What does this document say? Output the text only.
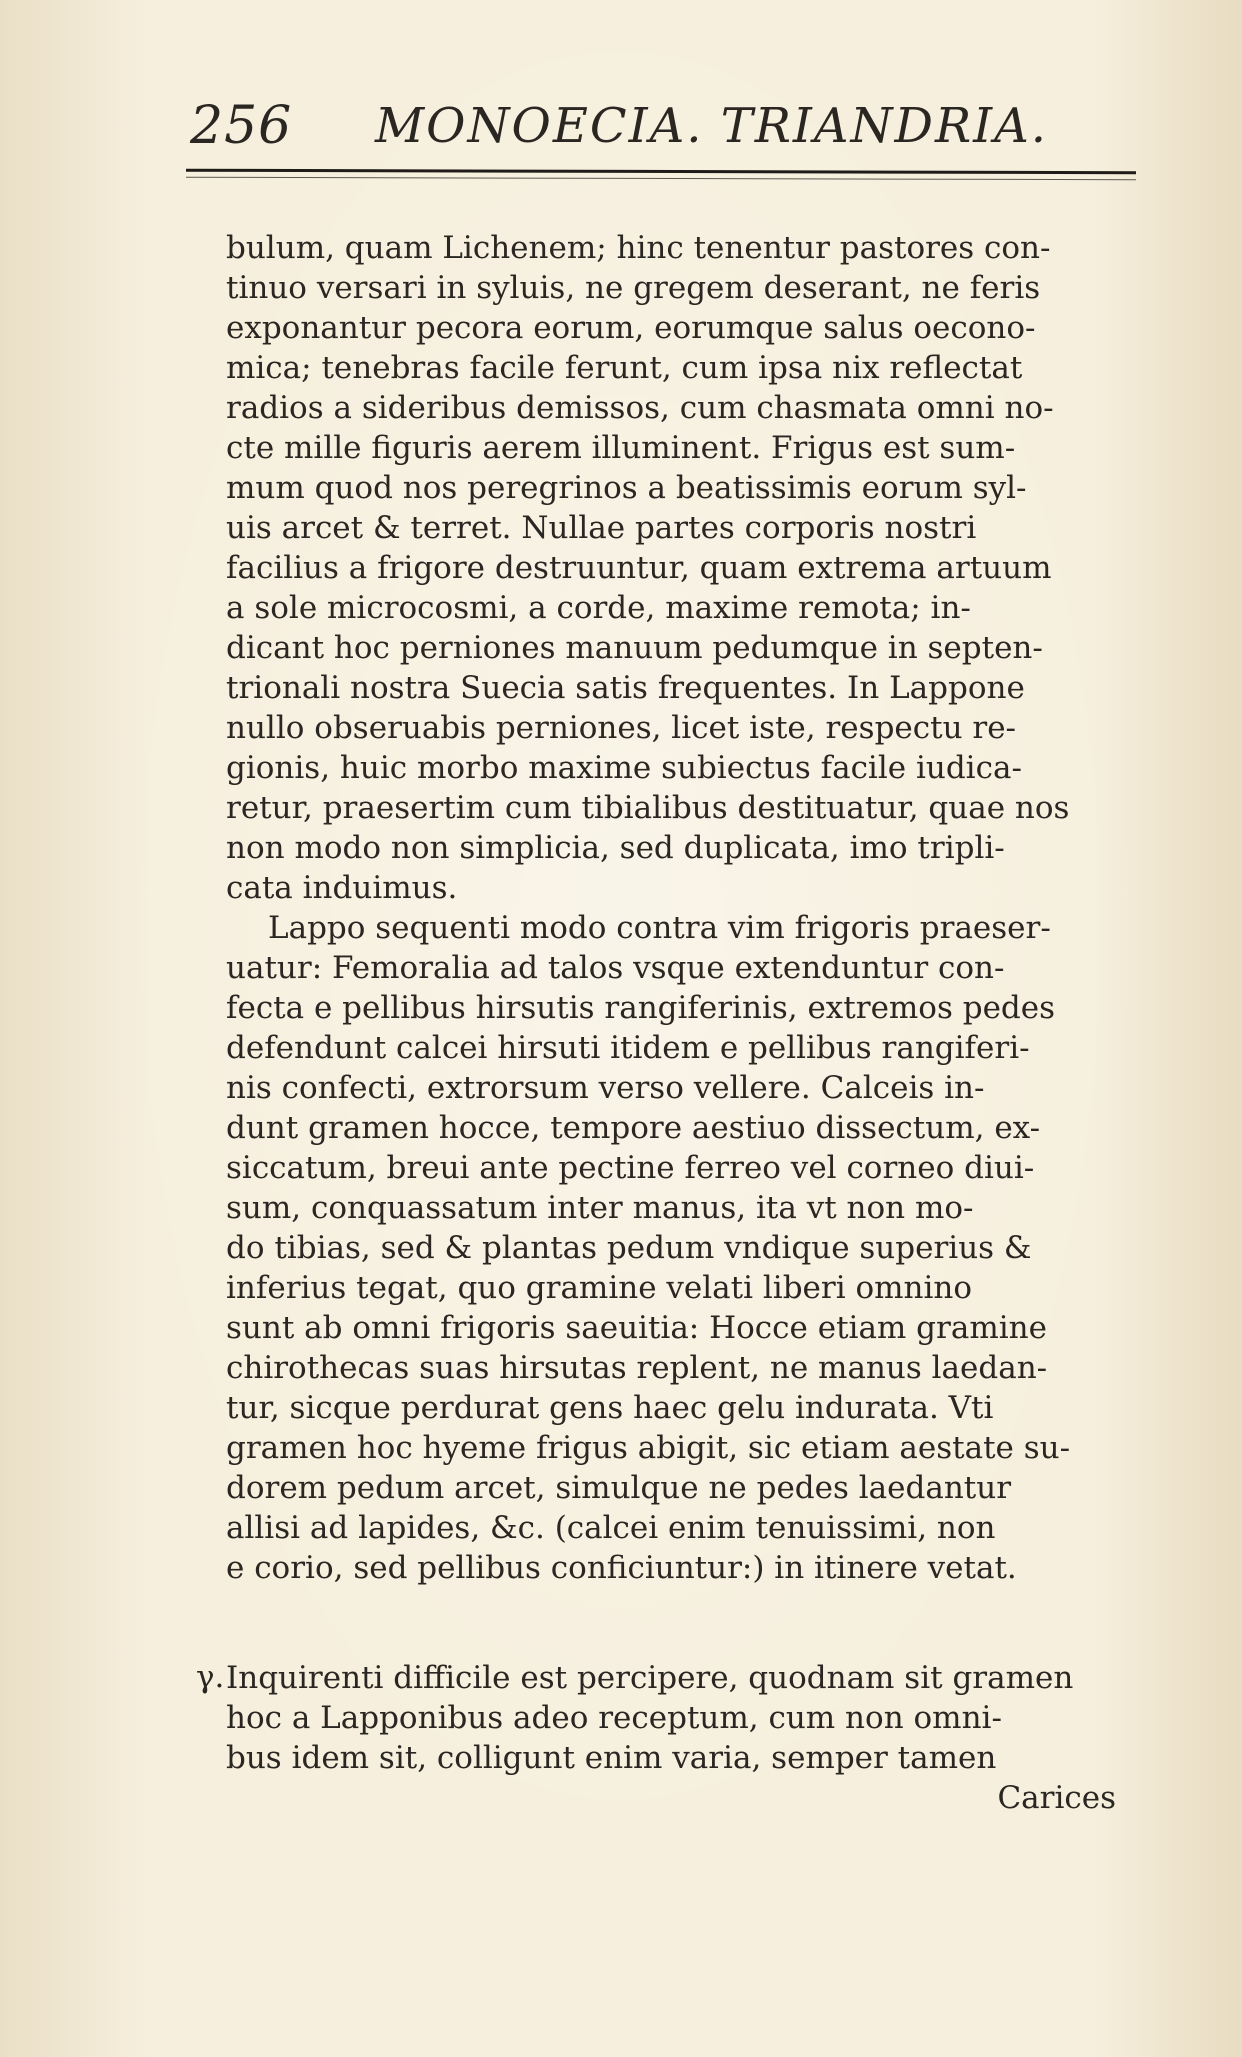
256 MONOECIA. TRIANDRIA.
γ.
bulum, quam Lichenem; hinc tenentur pastores con-
tinuo versari in syluis, ne gregem deserant, ne feris
exponantur pecora eorum, eorumque salus oecono-
mica; tenebras facile ferunt, cum ipsa nix reflectat
radios a sideribus demissos, cum chasmata omni no-
cte mille figuris aerem illuminent. Frigus est sum-
mum quod nos peregrinos a beatissimis eorum syl-
uis arcet & terret. Nullae partes corporis nostri
facilius a frigore destruuntur, quam extrema artuum
a sole microcosmi, a corde, maxime remota; in-
dicant hoc perniones manuum pedumque in septen-
trionali nostra Suecia satis frequentes. In Lappone
nullo obseruabis perniones, licet iste, respectu re-
gionis, huic morbo maxime subiectus facile iudica-
retur, praesertim cum tibialibus destituatur, quae nos
non modo non simplicia, sed duplicata, imo tripli-
cata induimus.
Lappo sequenti modo contra vim frigoris praeser-
uatur: Femoralia ad talos vsque extenduntur con-
fecta e pellibus hirsutis rangiferinis, extremos pedes
defendunt calcei hirsuti itidem e pellibus rangiferi-
nis confecti, extrorsum verso vellere. Calceis in-
dunt gramen hocce, tempore aestiuo dissectum, ex-
siccatum, breui ante pectine ferreo vel corneo diui-
sum, conquassatum inter manus, ita vt non mo-
do tibias, sed & plantas pedum vndique superius &
inferius tegat, quo gramine velati liberi omnino
sunt ab omni frigoris saeuitia: Hocce etiam gramine
chirothecas suas hirsutas replent, ne manus laedan-
tur, sicque perdurat gens haec gelu indurata. Vti
gramen hoc hyeme frigus abigit, sic etiam aestate su-
dorem pedum arcet, simulque ne pedes laedantur
allisi ad lapides, &c. (calcei enim tenuissimi, non
e corio, sed pellibus conficiuntur:) in itinere vetat.
Inquirenti difficile est percipere, quodnam sit gramen
hoc a Lapponibus adeo receptum, cum non omni-
bus idem sit, colligunt enim varia, semper tamen
Carices
